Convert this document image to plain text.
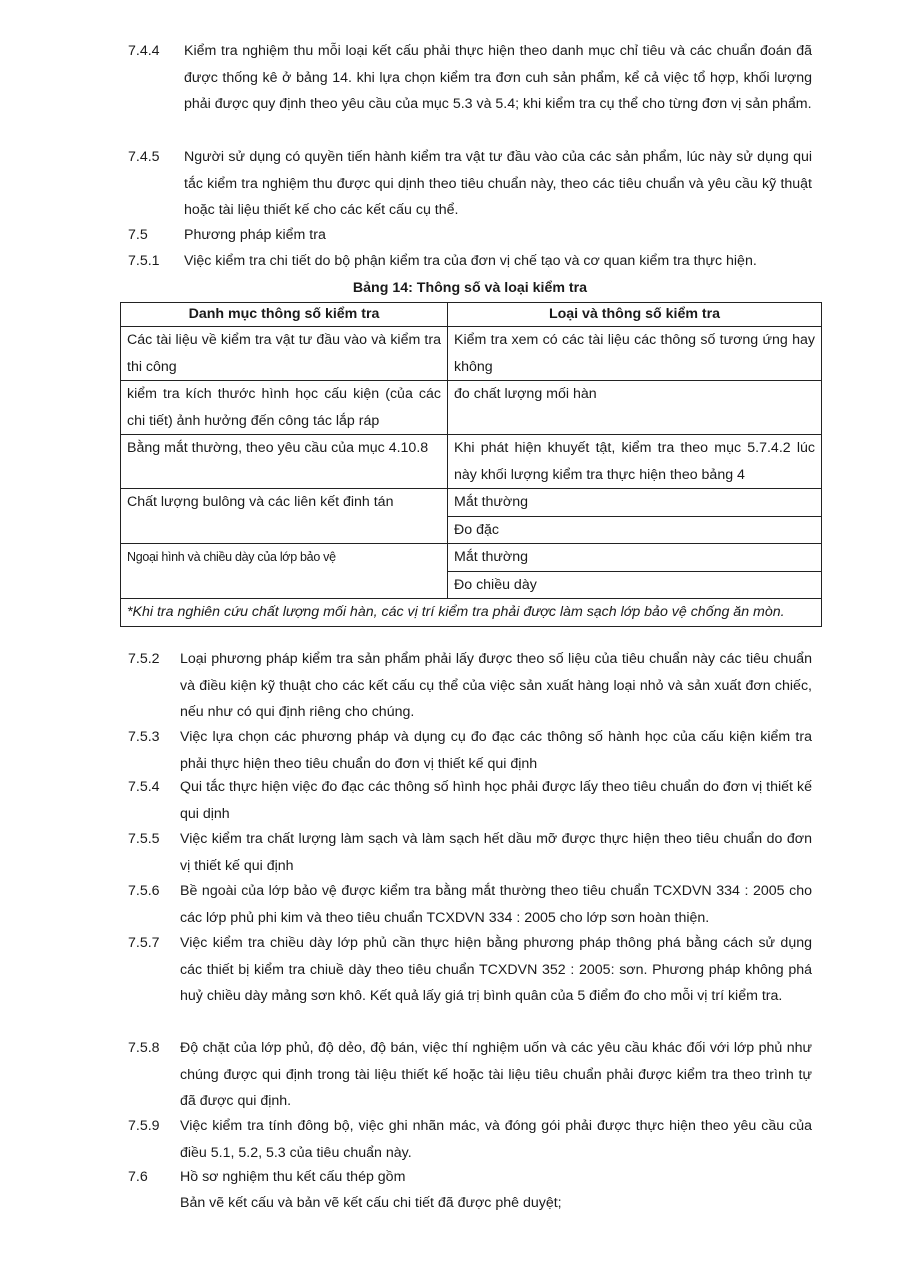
7.4.4 Kiểm tra nghiệm thu mỗi loại kết cấu phải thực hiện theo danh mục chỉ tiêu và các chuẩn đoán đã được thống kê ở bảng 14. khi lựa chọn kiểm tra đơn cuh sản phẩm, kể cả việc tổ hợp, khối lượng phải được quy định theo yêu cầu của mục 5.3 và 5.4; khi kiểm tra cụ thể cho từng đơn vị sản phẩm.
7.4.5 Người sử dụng có quyền tiến hành kiểm tra vật tư đầu vào của các sản phẩm, lúc này sử dụng qui tắc kiểm tra nghiệm thu được qui dịnh theo tiêu chuẩn này, theo các tiêu chuẩn và yêu cầu kỹ thuật hoặc tài liệu thiết kế cho các kết cấu cụ thể.
7.5	Phương pháp kiểm tra
7.5.1 Việc kiểm tra chi tiết do bộ phận kiểm tra của đơn vị chế tạo và cơ quan kiểm tra thực hiện.
Bảng 14: Thông số và loại kiểm tra
Danh mục thông số kiểm tra	Loại và thông số kiểm tra
Các tài liệu về kiểm tra vật tư đầu vào và kiểm tra thi công	Kiểm tra xem có các tài liệu các thông số tương ứng hay không
kiểm tra kích thước hình học cấu kiện (của các chi tiết) ảnh hưởng đến công tác lắp ráp	đo chất lượng mối hàn
Bằng mắt thường, theo yêu cầu của mục 4.10.8	Khi phát hiện khuyết tật, kiểm tra theo mục 5.7.4.2 lúc này khối lượng kiểm tra thực hiện theo bảng 4
Chất lượng bulông và các liên kết đinh tán	Mắt thường
	Đo đặc
Ngoại hình và chiều dày của lớp bảo vệ	Mắt thường
	Đo chiều dày
*Khi tra nghiên cứu chất lượng mối hàn, các vị trí kiểm tra phải được làm sạch lớp bảo vệ chống ăn mòn.	
7.5.2 Loại phương pháp kiểm tra sản phẩm phải lấy được theo số liệu của tiêu chuẩn này các tiêu chuẩn và điều kiện kỹ thuật cho các kết cấu cụ thể của việc sản xuất hàng loại nhỏ và sản xuất đơn chiếc, nếu như có qui định riêng cho chúng.
7.5.3 Việc lựa chọn các phương pháp và dụng cụ đo đạc các thông số hành học của cấu kiện kiểm tra phải thực hiện theo tiêu chuẩn do đơn vị thiết kế qui định
7.5.4 Qui tắc thực hiện việc đo đạc các thông số hình học phải được lấy theo tiêu chuẩn do đơn vị thiết kế qui dịnh
7.5.5 Việc kiểm tra chất lượng làm sạch và làm sạch hết dầu mỡ được thực hiện theo tiêu chuẩn do đơn vị thiết kế qui định
7.5.6 Bề ngoài của lớp bảo vệ được kiểm tra bằng mắt thường theo tiêu chuẩn TCXDVN 334 : 2005 cho các lớp phủ phi kim và theo tiêu chuẩn TCXDVN 334 : 2005 cho lớp sơn hoàn thiện.
7.5.7 Việc kiểm tra chiều dày lớp phủ cần thực hiện bằng phương pháp thông phá bằng cách sử dụng các thiết bị kiểm tra chiuề dày theo tiêu chuẩn TCXDVN 352 : 2005: sơn. Phương pháp không phá huỷ chiều dày mảng sơn khô. Kết quả lấy giá trị bình quân của 5 điểm đo cho mỗi vị trí kiểm tra.
7.5.8 Độ chặt của lớp phủ, độ dẻo, độ bán, việc thí nghiệm uốn và các yêu cầu khác đối với lớp phủ như chúng được qui định trong tài liệu thiết kế hoặc tài liệu tiêu chuẩn phải được kiểm tra theo trình tự đã được qui định.
7.5.9 Việc kiểm tra tính đông bộ, việc ghi nhãn mác, và đóng gói phải được thực hiện theo yêu cầu của điều 5.1, 5.2, 5.3 của tiêu chuẩn này.
7.6 Hồ sơ nghiệm thu kết cấu thép gồm
Bản vẽ kết cấu và bản vẽ kết cấu chi tiết đã được phê duyệt;
